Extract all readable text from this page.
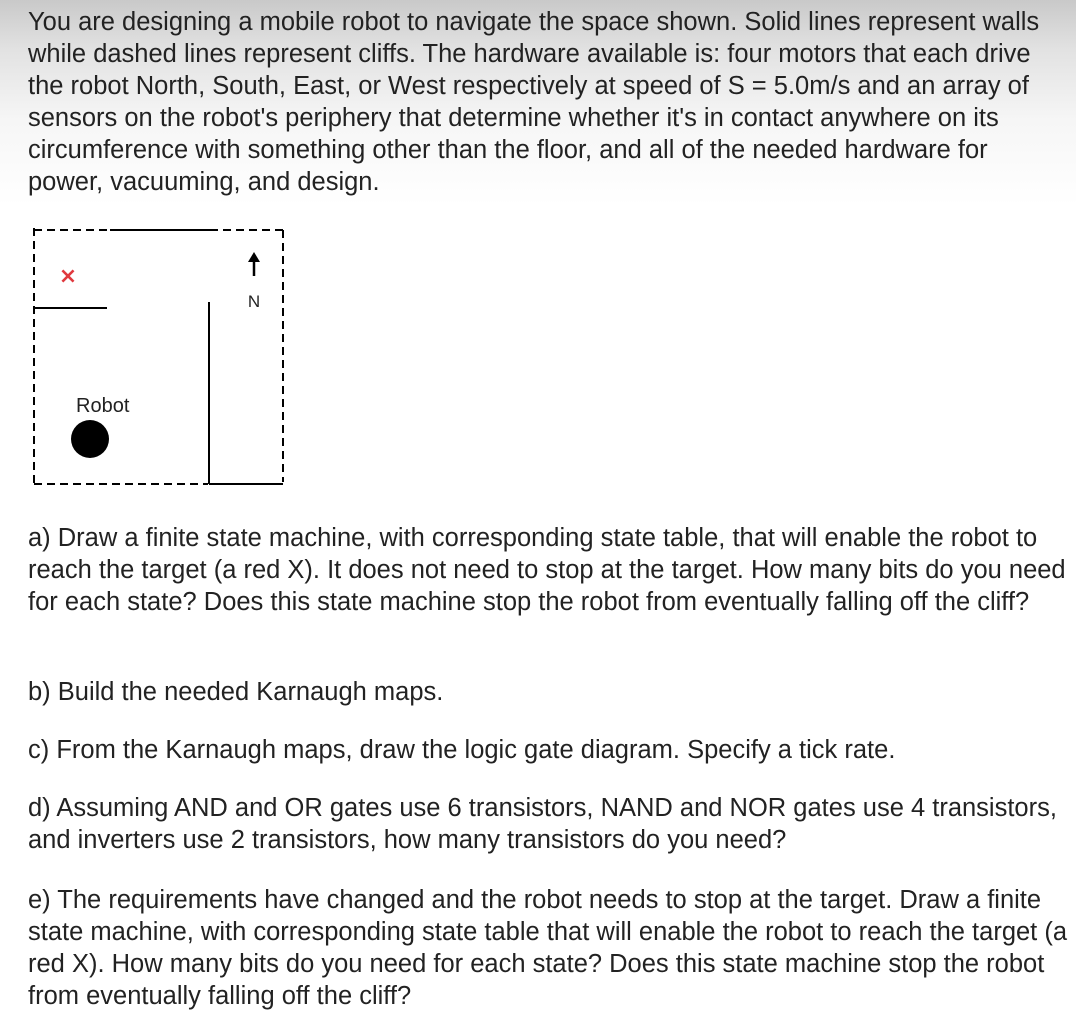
You are designing a mobile robot to navigate the space shown. Solid lines represent walls while dashed lines represent cliffs. The hardware available is: four motors that each drive the robot North, South, East, or West respectively at speed of S = 5.0m/s and an array of sensors on the robot's periphery that determine whether it's in contact anywhere on its circumference with something other than the floor, and all of the needed hardware for power, vacuuming, and design.

×
N
Robot

a) Draw a finite state machine, with corresponding state table, that will enable the robot to reach the target (a red X). It does not need to stop at the target. How many bits do you need for each state? Does this state machine stop the robot from eventually falling off the cliff?

b) Build the needed Karnaugh maps.

c) From the Karnaugh maps, draw the logic gate diagram. Specify a tick rate.

d) Assuming AND and OR gates use 6 transistors, NAND and NOR gates use 4 transistors, and inverters use 2 transistors, how many transistors do you need?

e) The requirements have changed and the robot needs to stop at the target. Draw a finite state machine, with corresponding state table that will enable the robot to reach the target (a red X). How many bits do you need for each state? Does this state machine stop the robot from eventually falling off the cliff?
